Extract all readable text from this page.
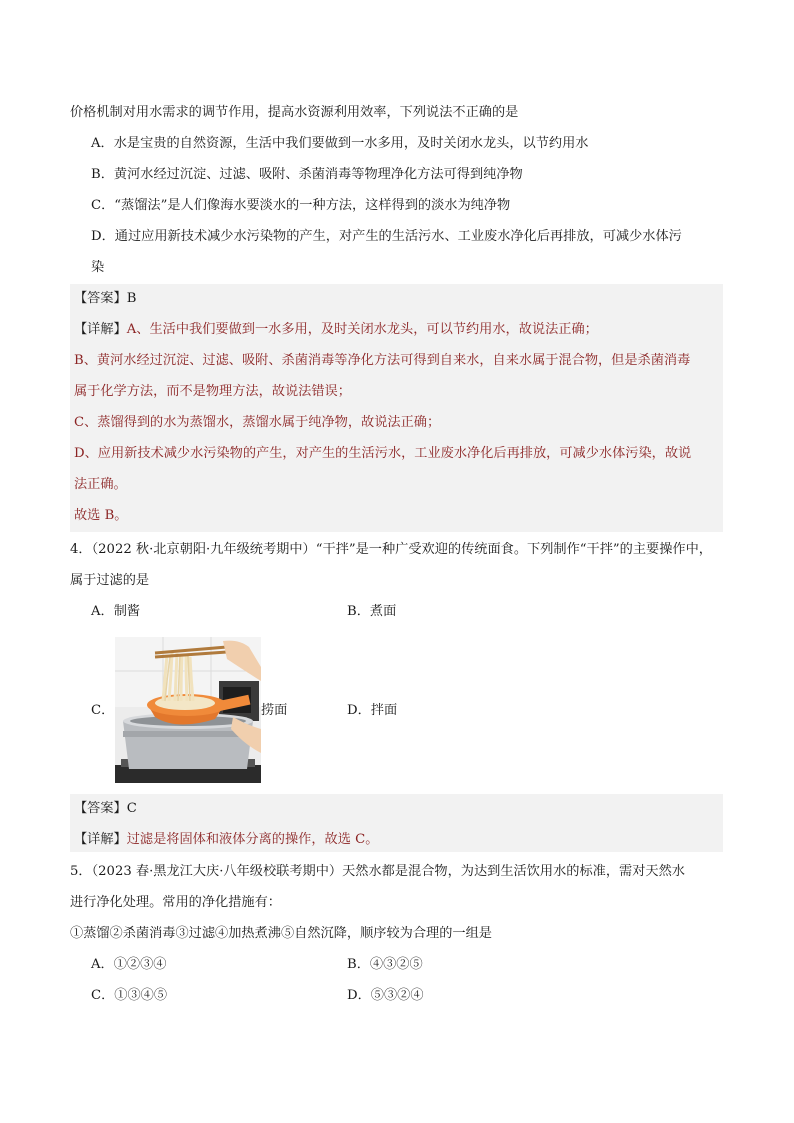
价格机制对用水需求的调节作用，提高水资源利用效率，下列说法不正确的是
A．水是宝贵的自然资源，生活中我们要做到一水多用，及时关闭水龙头，以节约用水
B．黄河水经过沉淀、过滤、吸附、杀菌消毒等物理净化方法可得到纯净物
C．“蒸馏法”是人们像海水要淡水的一种方法，这样得到的淡水为纯净物
D．通过应用新技术减少水污染物的产生，对产生的生活污水、工业废水净化后再排放，可减少水体污
染
【答案】B
【详解】A、生活中我们要做到一水多用，及时关闭水龙头，可以节约用水，故说法正确；
B、黄河水经过沉淀、过滤、吸附、杀菌消毒等净化方法可得到自来水，自来水属于混合物，但是杀菌消毒
属于化学方法，而不是物理方法，故说法错误；
C、蒸馏得到的水为蒸馏水，蒸馏水属于纯净物，故说法正确；
D、应用新技术减少水污染物的产生，对产生的生活污水，工业废水净化后再排放，可减少水体污染，故说
法正确。
故选 B。
4．（2022 秋·北京朝阳·九年级统考期中）“干拌”是一种广受欢迎的传统面食。下列制作“干拌”的主要操作中，
属于过滤的是
A．制酱	B．煮面
C．	捞面	D．拌面
【答案】C
【详解】过滤是将固体和液体分离的操作，故选 C。
5．（2023 春·黑龙江大庆·八年级校联考期中）天然水都是混合物，为达到生活饮用水的标准，需对天然水
进行净化处理。常用的净化措施有：
①蒸馏②杀菌消毒③过滤④加热煮沸⑤自然沉降，顺序较为合理的一组是
A．①②③④	B．④③②⑤
C．①③④⑤	D．⑤③②④
